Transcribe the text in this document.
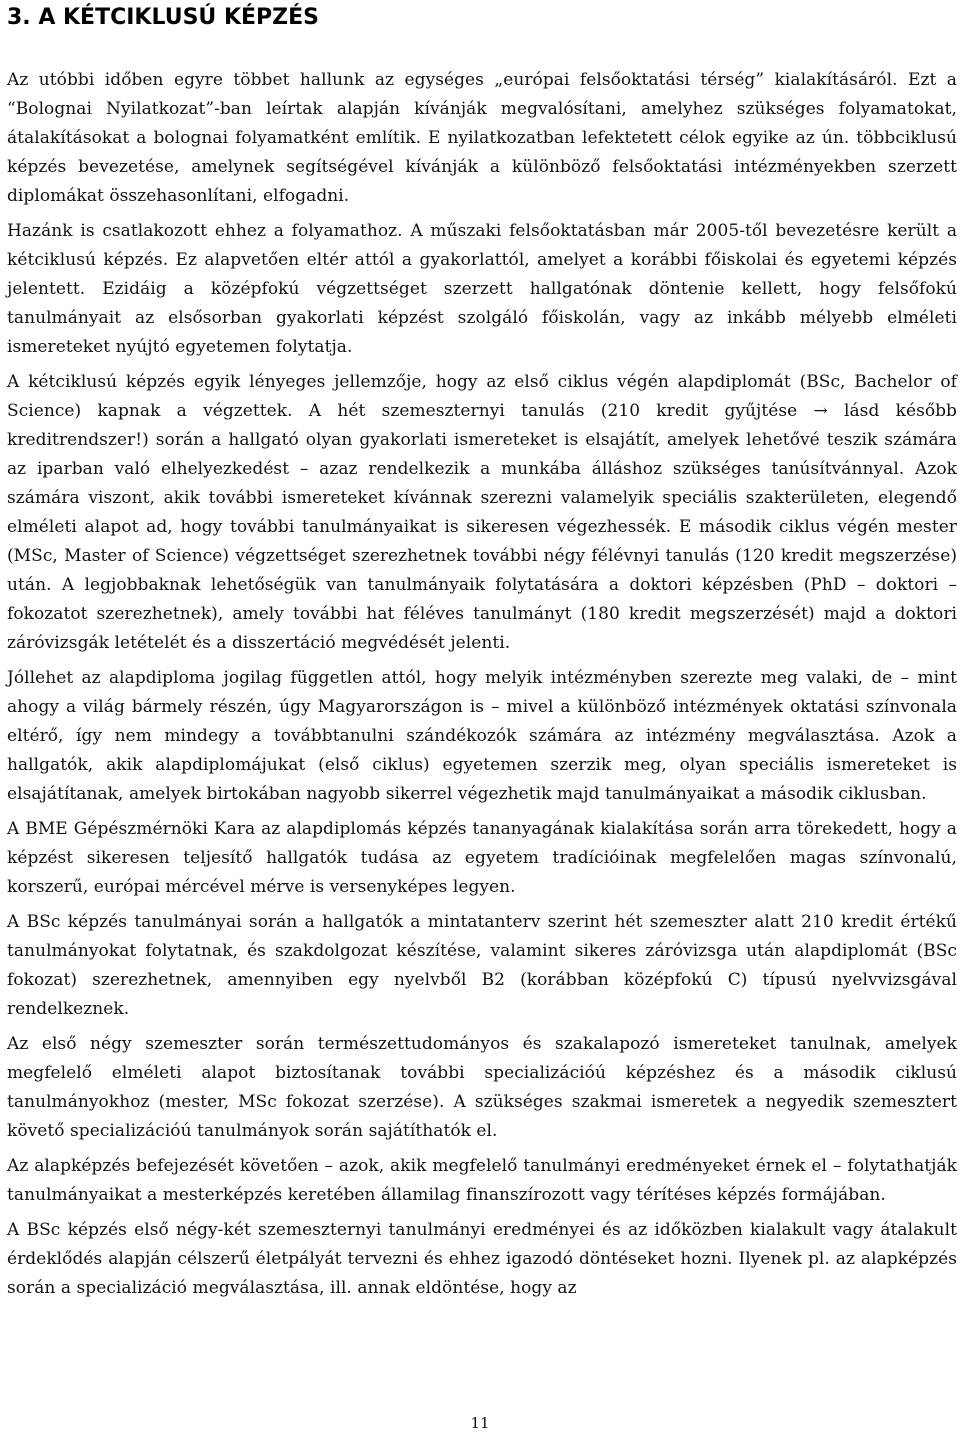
3. A KÉTCIKLUSÚ KÉPZÉS

Az utóbbi időben egyre többet hallunk az egységes „európai felsőoktatási térség” kialakításáról. Ezt a “Bolognai Nyilatkozat”-ban leírtak alapján kívánják megvalósítani, amelyhez szükséges folyamatokat, átalakításokat a bolognai folyamatként említik. E nyilatkozatban lefektetett célok egyike az ún. többciklusú képzés bevezetése, amelynek segítségével kívánják a különböző felsőoktatási intézményekben szerzett diplomákat összehasonlítani, elfogadni.

Hazánk is csatlakozott ehhez a folyamathoz. A műszaki felsőoktatásban már 2005-től bevezetésre került a kétciklusú képzés. Ez alapvetően eltér attól a gyakorlattól, amelyet a korábbi főiskolai és egyetemi képzés jelentett. Ezidáig a középfokú végzettséget szerzett hallgatónak döntenie kellett, hogy felsőfokú tanulmányait az elsősorban gyakorlati képzést szolgáló főiskolán, vagy az inkább mélyebb elméleti ismereteket nyújtó egyetemen folytatja.

A kétciklusú képzés egyik lényeges jellemzője, hogy az első ciklus végén alapdiplomát (BSc, Bachelor of Science) kapnak a végzettek. A hét szemeszternyi tanulás (210 kredit gyűjtése → lásd később kreditrendszer!) során a hallgató olyan gyakorlati ismereteket is elsajátít, amelyek lehetővé teszik számára az iparban való elhelyezkedést – azaz rendelkezik a munkába álláshoz szükséges tanúsítvánnyal. Azok számára viszont, akik további ismereteket kívánnak szerezni valamelyik speciális szakterületen, elegendő elméleti alapot ad, hogy további tanulmányaikat is sikeresen végezhessék. E második ciklus végén mester (MSc, Master of Science) végzettséget szerezhetnek további négy félévnyi tanulás (120 kredit megszerzése) után. A legjobbaknak lehetőségük van tanulmányaik folytatására a doktori képzésben (PhD – doktori – fokozatot szerezhetnek), amely további hat féléves tanulmányt (180 kredit megszerzését) majd a doktori záróvizsgák letételét és a disszertáció megvédését jelenti.

Jóllehet az alapdiploma jogilag független attól, hogy melyik intézményben szerezte meg valaki, de – mint ahogy a világ bármely részén, úgy Magyarországon is – mivel a különböző intézmények oktatási színvonala eltérő, így nem mindegy a továbbtanulni szándékozók számára az intézmény megválasztása. Azok a hallgatók, akik alapdiplomájukat (első ciklus) egyetemen szerzik meg, olyan speciális ismereteket is elsajátítanak, amelyek birtokában nagyobb sikerrel végezhetik majd tanulmányaikat a második ciklusban.

A BME Gépészmérnöki Kara az alapdiplomás képzés tananyagának kialakítása során arra törekedett, hogy a képzést sikeresen teljesítő hallgatók tudása az egyetem tradícióinak megfelelően magas színvonalú, korszerű, európai mércével mérve is versenyképes legyen.

A BSc képzés tanulmányai során a hallgatók a mintatanterv szerint hét szemeszter alatt 210 kredit értékű tanulmányokat folytatnak, és szakdolgozat készítése, valamint sikeres záróvizsga után alapdiplomát (BSc fokozat) szerezhetnek, amennyiben egy nyelvből B2 (korábban középfokú C) típusú nyelvvizsgával rendelkeznek.

Az első négy szemeszter során természettudományos és szakalapozó ismereteket tanulnak, amelyek megfelelő elméleti alapot biztosítanak további specializációú képzéshez és a második ciklusú tanulmányokhoz (mester, MSc fokozat szerzése). A szükséges szakmai ismeretek a negyedik szemesztert követő specializációú tanulmányok során sajátíthatók el.

Az alapképzés befejezését követően – azok, akik megfelelő tanulmányi eredményeket érnek el – folytathatják tanulmányaikat a mesterképzés keretében államilag finanszírozott vagy térítéses képzés formájában.

A BSc képzés első négy-két szemeszternyi tanulmányi eredményei és az időközben kialakult vagy átalakult érdeklődés alapján célszerű életpályát tervezni és ehhez igazodó döntéseket hozni. Ilyenek pl. az alapképzés során a specializáció megválasztása, ill. annak eldöntése, hogy az

11
